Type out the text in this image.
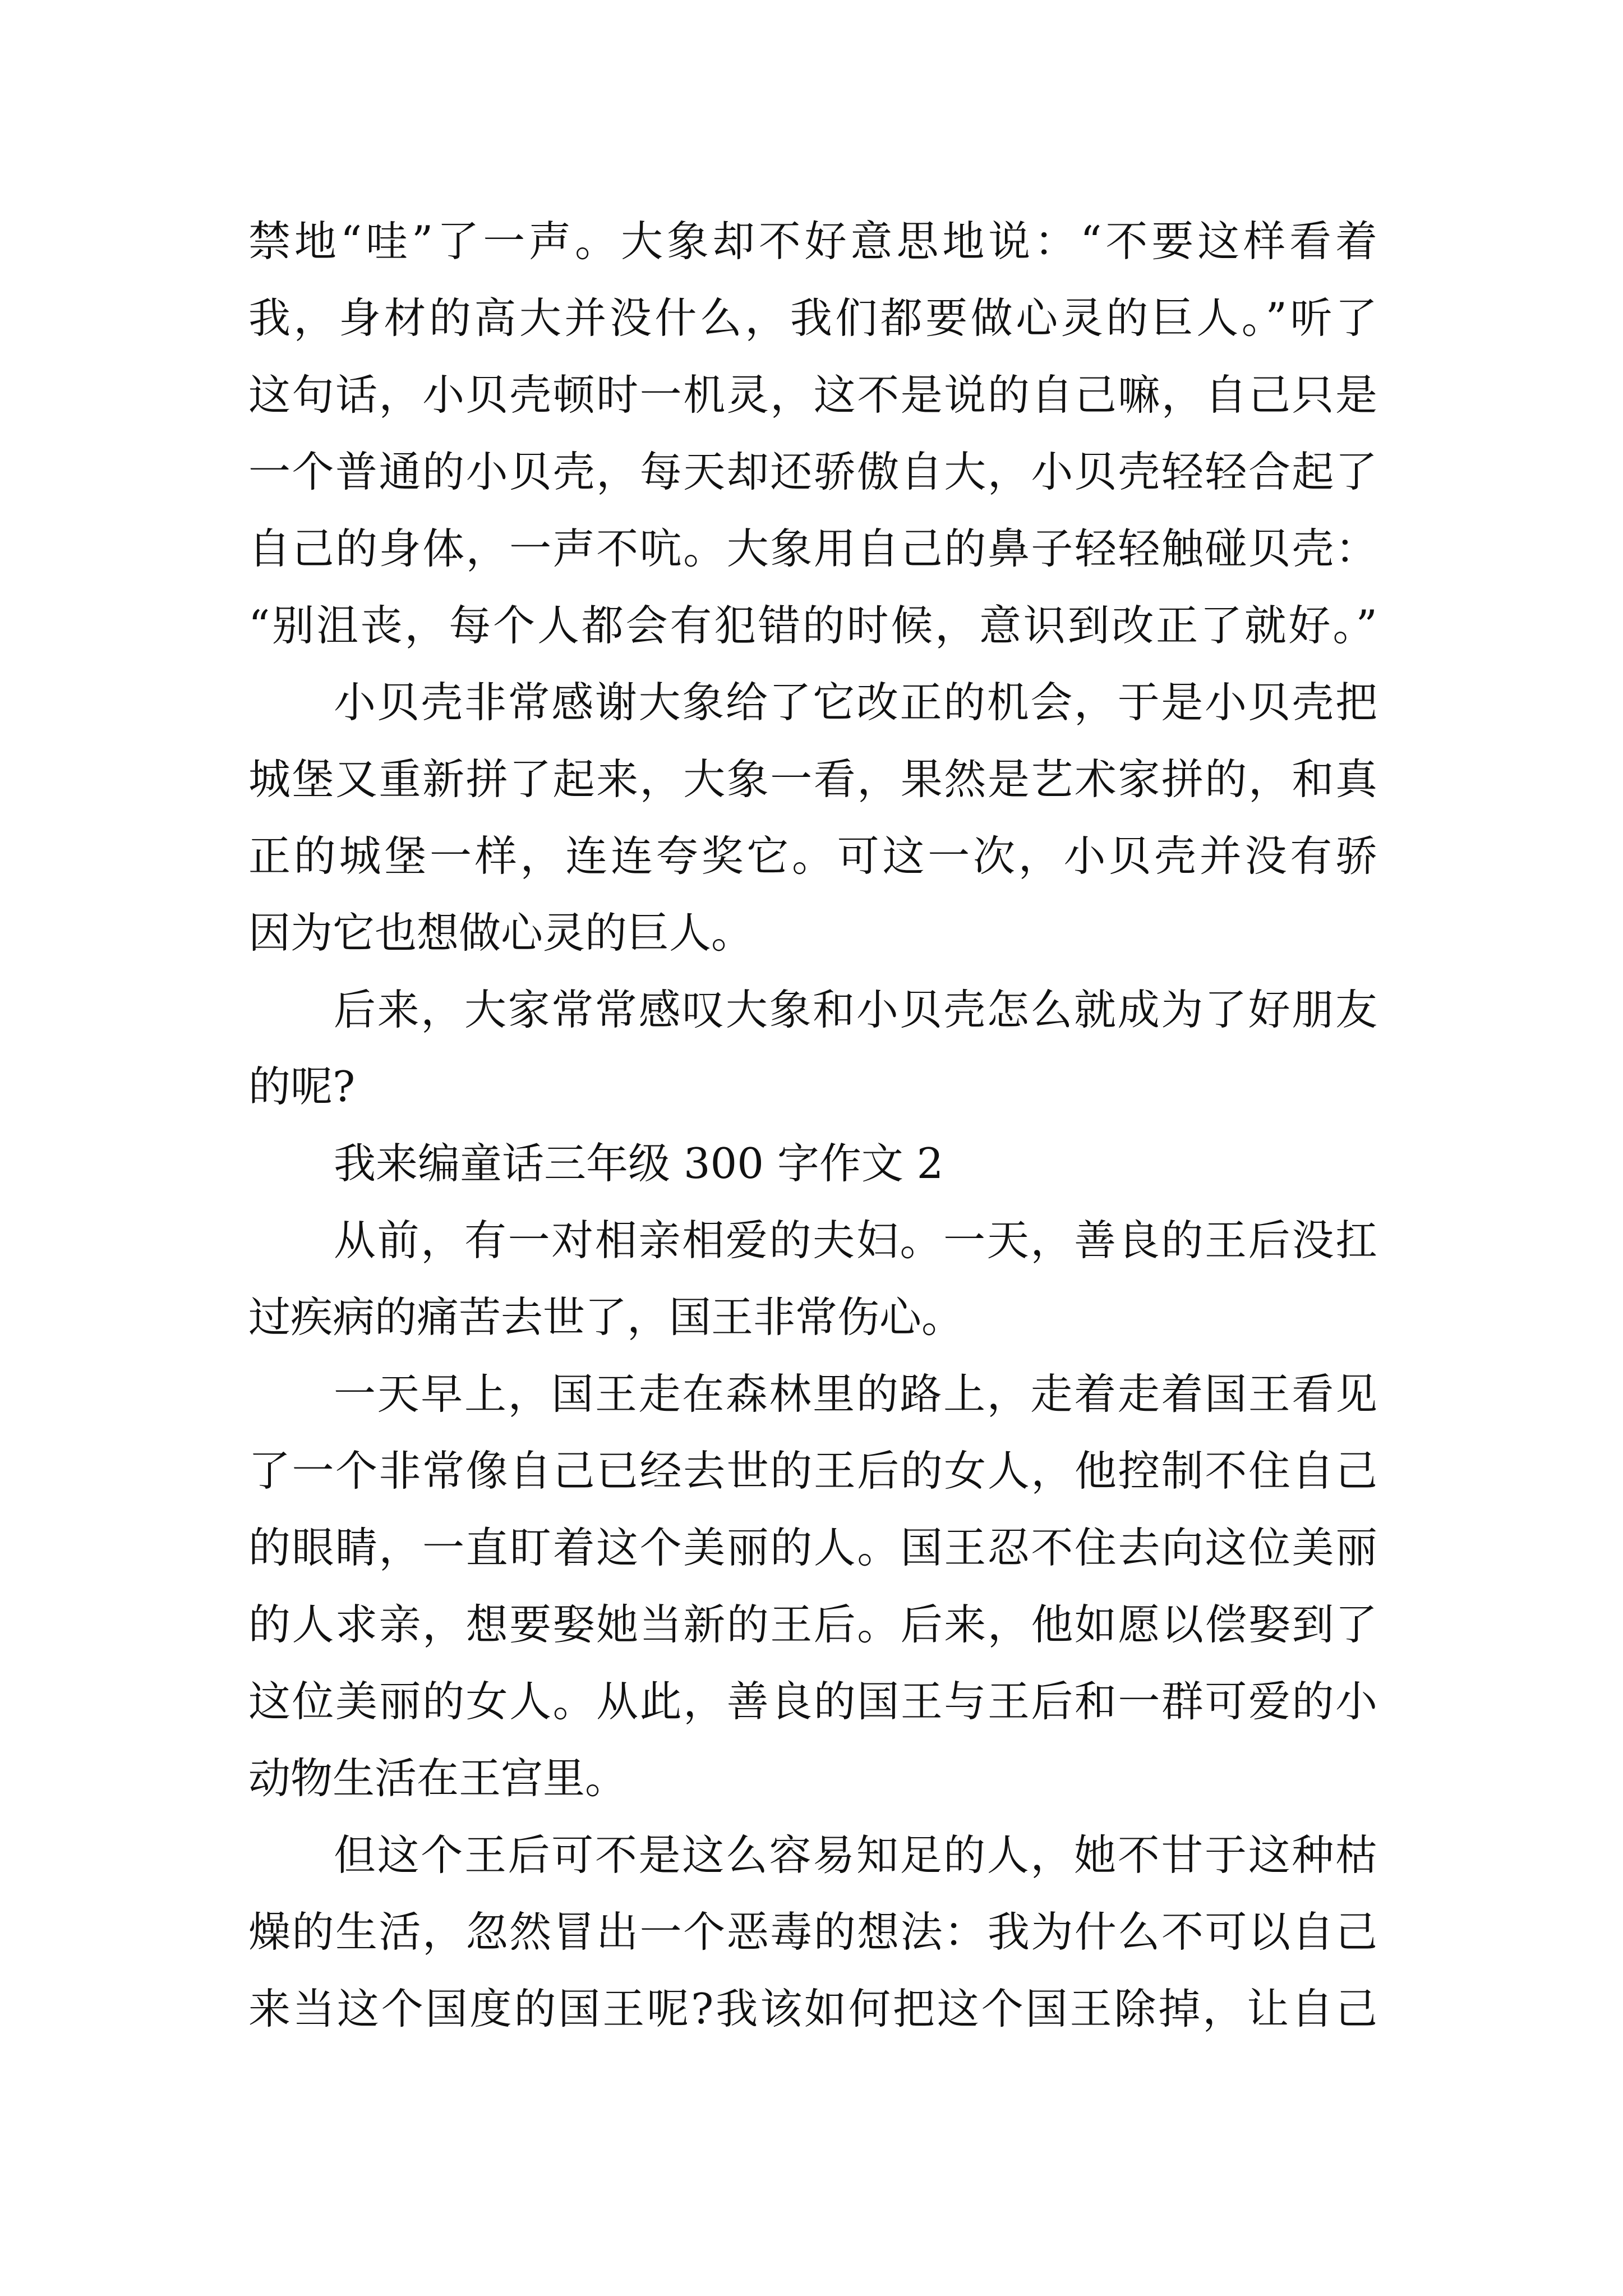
禁地“哇”了一声。大象却不好意思地说：“不要这样看着
我，身材的高大并没什么，我们都要做心灵的巨人。”听了
这句话，小贝壳顿时一机灵，这不是说的自己嘛，自己只是
一个普通的小贝壳，每天却还骄傲自大，小贝壳轻轻合起了
自己的身体，一声不吭。大象用自己的鼻子轻轻触碰贝壳：
“别沮丧，每个人都会有犯错的时候，意识到改正了就好。”
小贝壳非常感谢大象给了它改正的机会，于是小贝壳把
城堡又重新拼了起来，大象一看，果然是艺术家拼的，和真
正的城堡一样，连连夸奖它。可这一次，小贝壳并没有骄
因为它也想做心灵的巨人。
后来，大家常常感叹大象和小贝壳怎么就成为了好朋友
的呢?
我来编童话三年级 300 字作文 2
从前，有一对相亲相爱的夫妇。一天，善良的王后没扛
过疾病的痛苦去世了，国王非常伤心。
一天早上，国王走在森林里的路上，走着走着国王看见
了一个非常像自己已经去世的王后的女人，他控制不住自己
的眼睛，一直盯着这个美丽的人。国王忍不住去向这位美丽
的人求亲，想要娶她当新的王后。后来，他如愿以偿娶到了
这位美丽的女人。从此，善良的国王与王后和一群可爱的小
动物生活在王宫里。
但这个王后可不是这么容易知足的人，她不甘于这种枯
燥的生活，忽然冒出一个恶毒的想法：我为什么不可以自己
来当这个国度的国王呢?我该如何把这个国王除掉，让自己
